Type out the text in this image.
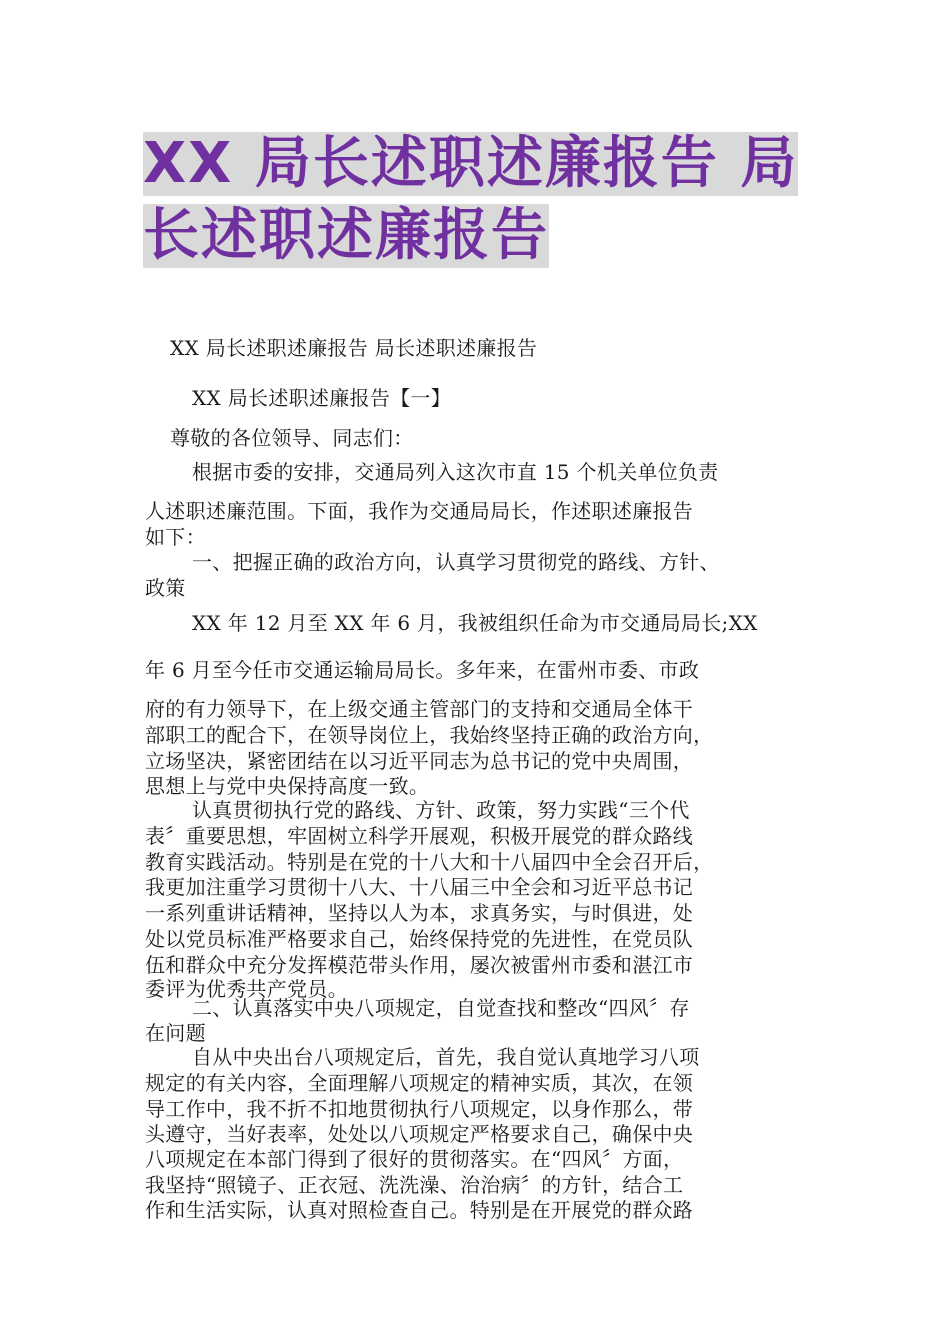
XX 局长述职述廉报告 局
长述职述廉报告
XX 局长述职述廉报告 局长述职述廉报告
XX 局长述职述廉报告【一】
尊敬的各位领导、同志们：
根据市委的安排，交通局列入这次市直 15 个机关单位负责
人述职述廉范围。下面，我作为交通局局长，作述职述廉报告
如下：
一、把握正确的政治方向，认真学习贯彻党的路线、方针、
政策
XX 年 12 月至 XX 年 6 月，我被组织任命为市交通局局长;XX
年 6 月至今任市交通运输局局长。多年来，在雷州市委、市政
府的有力领导下，在上级交通主管部门的支持和交通局全体干
部职工的配合下，在领导岗位上，我始终坚持正确的政治方向，
立场坚决，紧密团结在以习近平同志为总书记的党中央周围，
思想上与党中央保持高度一致。
认真贯彻执行党的路线、方针、政策，努力实践“三个代
表〞重要思想，牢固树立科学开展观，积极开展党的群众路线
教育实践活动。特别是在党的十八大和十八届四中全会召开后，
我更加注重学习贯彻十八大、十八届三中全会和习近平总书记
一系列重讲话精神，坚持以人为本，求真务实，与时俱进，处
处以党员标准严格要求自己，始终保持党的先进性，在党员队
伍和群众中充分发挥模范带头作用，屡次被雷州市委和湛江市
委评为优秀共产党员。
二、认真落实中央八项规定，自觉查找和整改“四风〞存
在问题
自从中央出台八项规定后，首先，我自觉认真地学习八项
规定的有关内容，全面理解八项规定的精神实质，其次，在领
导工作中，我不折不扣地贯彻执行八项规定，以身作那么，带
头遵守，当好表率，处处以八项规定严格要求自己，确保中央
八项规定在本部门得到了很好的贯彻落实。在“四风〞方面，
我坚持“照镜子、正衣冠、洗洗澡、治治病〞的方针，结合工
作和生活实际，认真对照检查自己。特别是在开展党的群众路
